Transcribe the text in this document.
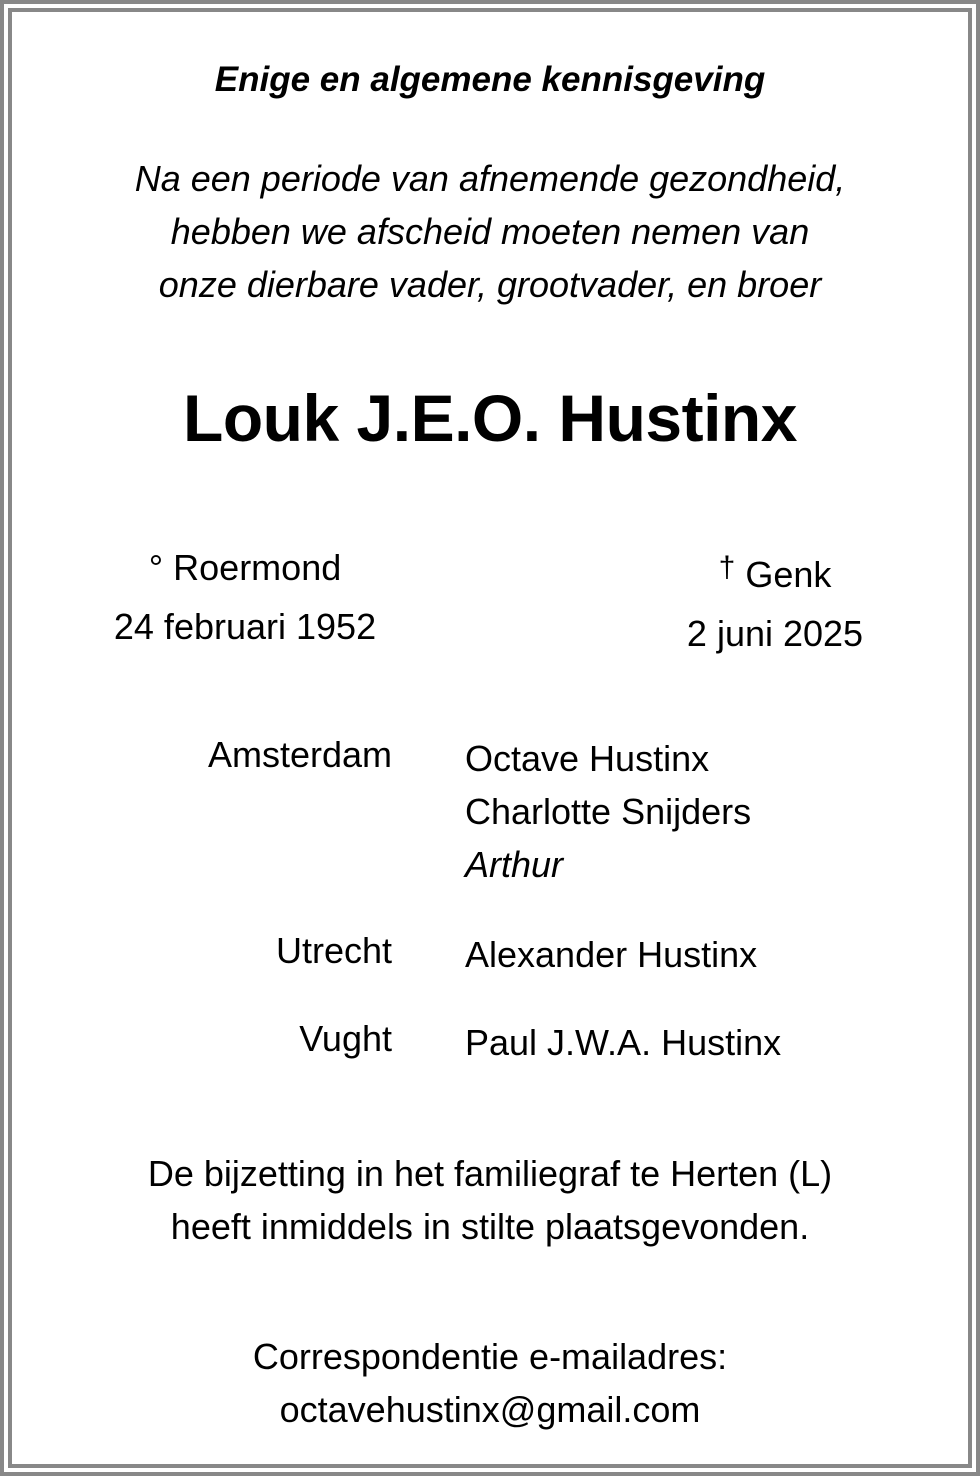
Enige en algemene kennisgeving
Na een periode van afnemende gezondheid,
hebben we afscheid moeten nemen van
onze dierbare vader, grootvader, en broer
Louk J.E.O. Hustinx
° Roermond
24 februari 1952
† Genk
2 juni 2025
Amsterdam Octave Hustinx
Charlotte Snijders
Arthur
Utrecht Alexander Hustinx
Vught Paul J.W.A. Hustinx
De bijzetting in het familiegraf te Herten (L)
heeft inmiddels in stilte plaatsgevonden.
Correspondentie e-mailadres:
octavehustinx@gmail.com
